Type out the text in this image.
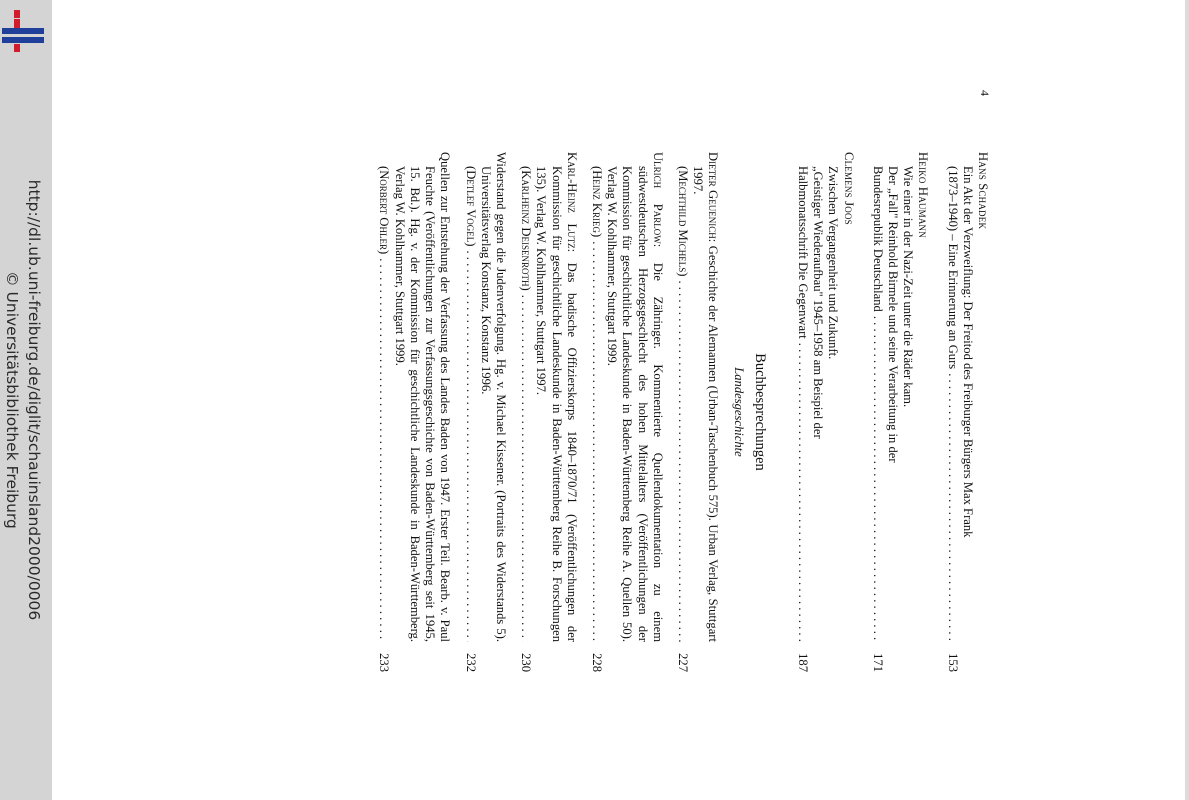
http://dl.ub.uni-freiburg.de/diglit/schauinsland2000/0006
© Universitätsbibliothek Freiburg
4
Hans Schadek
Ein Akt der Verzweiflung: Der Freitod des Freiburger Bürgers Max Frank
(1873–1940) – Eine Erinnerung an Gurs
. . .
153
Heiko Haumann
Wie einer in der Nazi-Zeit unter die Räder kam.
Der „Fall" Reinhold Birmele und seine Verarbeitung in der
Bundesrepublik Deutschland
. . .
171
Clemens Joos
Zwischen Vergangenheit und Zukunft.
„Geistiger Wiederaufbau" 1945–1958 am Beispiel der
Halbmonatsschrift Die Gegenwart
. . .
187
Buchbesprechungen
Landesgeschichte
Dieter Geuenich: Geschichte der Alemannen (Urban-Taschenbuch 575). Urban Verlag, Stuttgart 1997.
(Mechthild Michels)
. . .
227
Ulrich Parlow: Die Zähringer. Kommentierte Quellendokumentation zu einem südwestdeutschen Herzogsgeschlecht des hohen Mittelalters (Veröffentlichungen der Kommission für geschichtliche Landeskunde in Baden-Württemberg Reihe A. Quellen 50). Verlag W. Kohlhammer, Stuttgart 1999.
(Heinz Krieg)
. . .
228
Karl-Heinz Lutz: Das badische Offizierskorps 1840–1870/71 (Veröffentlichungen der Kommission für geschichtliche Landeskunde in Baden-Württemberg Reihe B. Forschungen 135). Verlag W. Kohlhammer, Stuttgart 1997.
(Karlheinz Deisenroth)
. . .
230
Widerstand gegen die Judenverfolgung. Hg. v. Michael Kissener. (Portraits des Widerstands 5). Universitätsverlag Konstanz, Konstanz 1996.
(Detlef Vogel)
. . .
232
Quellen zur Entstehung der Verfassung des Landes Baden von 1947. Erster Teil. Bearb. v. Paul Feuchte (Veröffentlichungen zur Verfassungsgeschichte von Baden-Württemberg seit 1945, 15. Bd.). Hg. v. der Kommission für geschichtliche Landeskunde in Baden-Württemberg. Verlag W. Kohlhammer, Stuttgart 1999.
(Norbert Ohler)
. . .
233
